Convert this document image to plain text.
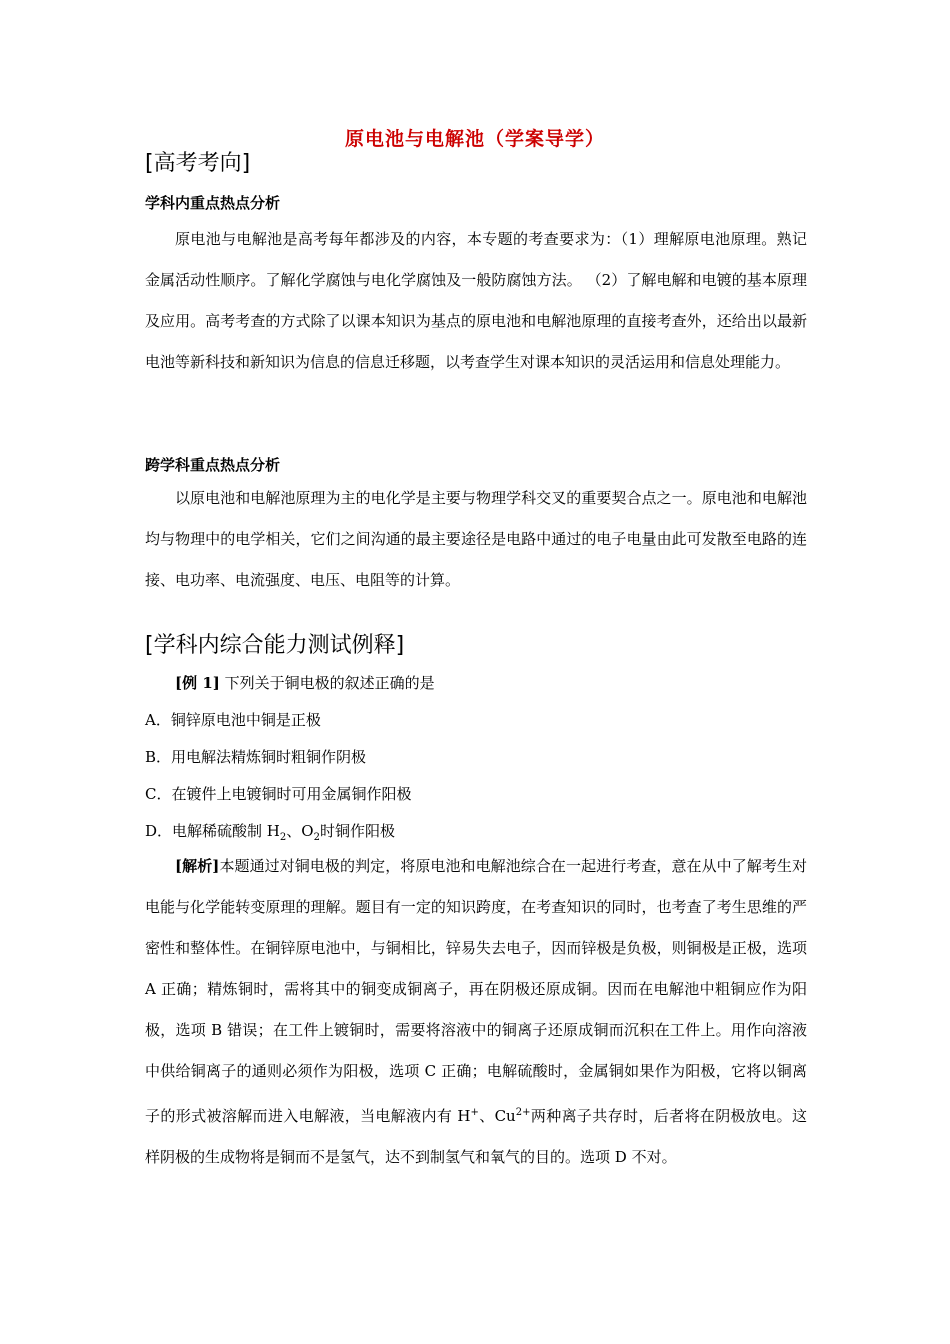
原电池与电解池（学案导学）
[高考考向]
学科内重点热点分析

原电池与电解池是高考每年都涉及的内容，本专题的考查要求为：（1）理解原电池原理。熟记金属活动性顺序。了解化学腐蚀与电化学腐蚀及一般防腐蚀方法。 （2）了解电解和电镀的基本原理及应用。高考考查的方式除了以课本知识为基点的原电池和电解池原理的直接考查外，还给出以最新电池等新科技和新知识为信息的信息迁移题，以考查学生对课本知识的灵活运用和信息处理能力。

跨学科重点热点分析

以原电池和电解池原理为主的电化学是主要与物理学科交叉的重要契合点之一。原电池和电解池均与物理中的电学相关，它们之间沟通的最主要途径是电路中通过的电子电量由此可发散至电路的连接、电功率、电流强度、电压、电阻等的计算。

[学科内综合能力测试例释]
[例 1] 下列关于铜电极的叙述正确的是
A．铜锌原电池中铜是正极
B．用电解法精炼铜时粗铜作阴极
C．在镀件上电镀铜时可用金属铜作阳极
D．电解稀硫酸制 $H_2$、$O_2$时铜作阳极

[解析]本题通过对铜电极的判定，将原电池和电解池综合在一起进行考查，意在从中了解考生对电能与化学能转变原理的理解。题目有一定的知识跨度，在考查知识的同时，也考查了考生思维的严密性和整体性。在铜锌原电池中，与铜相比，锌易失去电子，因而锌极是负极，则铜极是正极，选项 A 正确；精炼铜时，需将其中的铜变成铜离子，再在阴极还原成铜。因而在电解池中粗铜应作为阳极，选项 B 错误；在工件上镀铜时，需要将溶液中的铜离子还原成铜而沉积在工件上。用作向溶液中供给铜离子的通则必须作为阳极，选项 C 正确；电解硫酸时，金属铜如果作为阳极，它将以铜离子的形式被溶解而进入电解液，当电解液内有 H+、$Cu^{2+}$两种离子共存时，后者将在阴极放电。这样阴极的生成物将是铜而不是氢气，达不到制氢气和氧气的目的。选项 D 不对。
